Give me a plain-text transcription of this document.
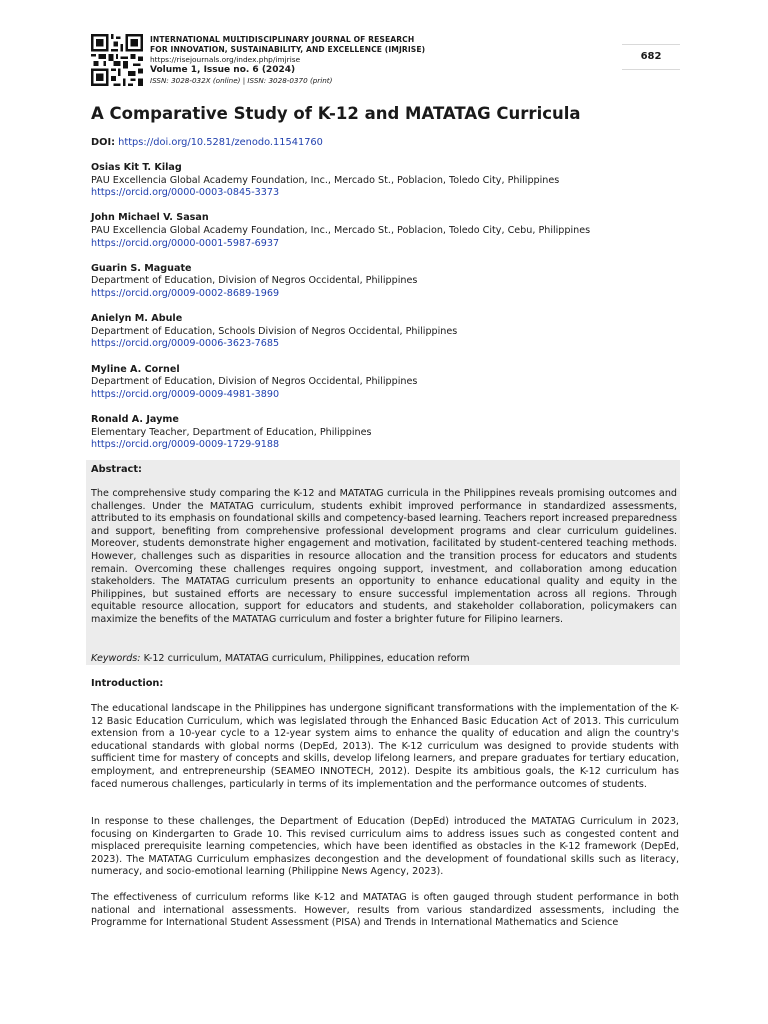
INTERNATIONAL MULTIDISCIPLINARY JOURNAL OF RESEARCH
FOR INNOVATION, SUSTAINABILITY, AND EXCELLENCE (IMJRISE)
https://risejournals.org/index.php/imjrise
Volume 1, Issue no. 6 (2024)
ISSN: 3028-032X (online) | ISSN: 3028-0370 (print)
682
A Comparative Study of K-12 and MATATAG Curricula
DOI: https://doi.org/10.5281/zenodo.11541760
Osias Kit T. Kilag
PAU Excellencia Global Academy Foundation, Inc., Mercado St., Poblacion, Toledo City, Philippines
https://orcid.org/0000-0003-0845-3373
John Michael V. Sasan
PAU Excellencia Global Academy Foundation, Inc., Mercado St., Poblacion, Toledo City, Cebu, Philippines
https://orcid.org/0000-0001-5987-6937
Guarin S. Maguate
Department of Education, Division of Negros Occidental, Philippines
https://orcid.org/0009-0002-8689-1969
Anielyn M. Abule
Department of Education, Schools Division of Negros Occidental, Philippines
https://orcid.org/0009-0006-3623-7685
Myline A. Cornel
Department of Education, Division of Negros Occidental, Philippines
https://orcid.org/0009-0009-4981-3890
Ronald A. Jayme
Elementary Teacher, Department of Education, Philippines
https://orcid.org/0009-0009-1729-9188
Abstract:

The comprehensive study comparing the K-12 and MATATAG curricula in the Philippines reveals promising outcomes and challenges. Under the MATATAG curriculum, students exhibit improved performance in standardized assessments, attributed to its emphasis on foundational skills and competency-based learning. Teachers report increased preparedness and support, benefiting from comprehensive professional development programs and clear curriculum guidelines. Moreover, students demonstrate higher engagement and motivation, facilitated by student-centered teaching methods. However, challenges such as disparities in resource allocation and the transition process for educators and students remain. Overcoming these challenges requires ongoing support, investment, and collaboration among education stakeholders. The MATATAG curriculum presents an opportunity to enhance educational quality and equity in the Philippines, but sustained efforts are necessary to ensure successful implementation across all regions. Through equitable resource allocation, support for educators and students, and stakeholder collaboration, policymakers can maximize the benefits of the MATATAG curriculum and foster a brighter future for Filipino learners.

Keywords: K-12 curriculum, MATATAG curriculum, Philippines, education reform
Introduction:

The educational landscape in the Philippines has undergone significant transformations with the implementation of the K-12 Basic Education Curriculum, which was legislated through the Enhanced Basic Education Act of 2013. This curriculum extension from a 10-year cycle to a 12-year system aims to enhance the quality of education and align the country's educational standards with global norms (DepEd, 2013). The K-12 curriculum was designed to provide students with sufficient time for mastery of concepts and skills, develop lifelong learners, and prepare graduates for tertiary education, employment, and entrepreneurship (SEAMEO INNOTECH, 2012). Despite its ambitious goals, the K-12 curriculum has faced numerous challenges, particularly in terms of its implementation and the performance outcomes of students.

In response to these challenges, the Department of Education (DepEd) introduced the MATATAG Curriculum in 2023, focusing on Kindergarten to Grade 10. This revised curriculum aims to address issues such as congested content and misplaced prerequisite learning competencies, which have been identified as obstacles in the K-12 framework (DepEd, 2023). The MATATAG Curriculum emphasizes decongestion and the development of foundational skills such as literacy, numeracy, and socio-emotional learning (Philippine News Agency, 2023).

The effectiveness of curriculum reforms like K-12 and MATATAG is often gauged through student performance in both national and international assessments. However, results from various standardized assessments, including the Programme for International Student Assessment (PISA) and Trends in International Mathematics and Science
